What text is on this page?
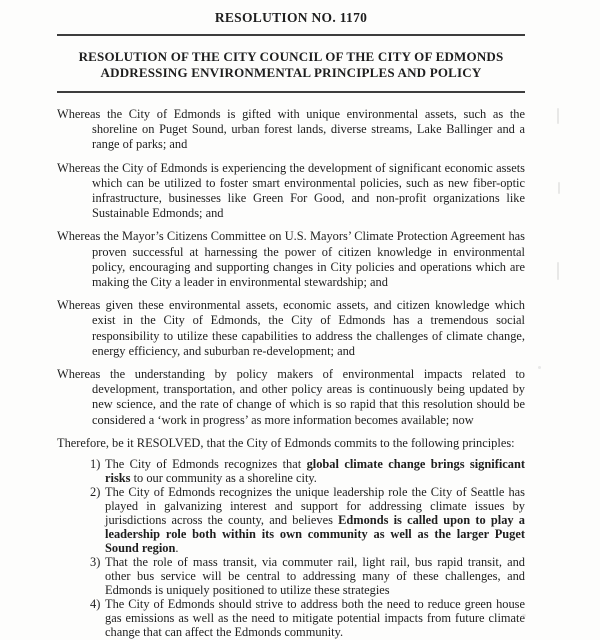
RESOLUTION NO. 1170
RESOLUTION OF THE CITY COUNCIL OF THE CITY OF EDMONDS
ADDRESSING ENVIRONMENTAL PRINCIPLES AND POLICY

Whereas the City of Edmonds is gifted with unique environmental assets, such as the shoreline on Puget Sound, urban forest lands, diverse streams, Lake Ballinger and a range of parks; and

Whereas the City of Edmonds is experiencing the development of significant economic assets which can be utilized to foster smart environmental policies, such as new fiber-optic infrastructure, businesses like Green For Good, and non-profit organizations like Sustainable Edmonds; and

Whereas the Mayor’s Citizens Committee on U.S. Mayors’ Climate Protection Agreement has proven successful at harnessing the power of citizen knowledge in environmental policy, encouraging and supporting changes in City policies and operations which are making the City a leader in environmental stewardship; and

Whereas given these environmental assets, economic assets, and citizen knowledge which exist in the City of Edmonds, the City of Edmonds has a tremendous social responsibility to utilize these capabilities to address the challenges of climate change, energy efficiency, and suburban re-development; and

Whereas the understanding by policy makers of environmental impacts related to development, transportation, and other policy areas is continuously being updated by new science, and the rate of change of which is so rapid that this resolution should be considered a ‘work in progress’ as more information becomes available; now

Therefore, be it RESOLVED, that the City of Edmonds commits to the following principles:

1) The City of Edmonds recognizes that global climate change brings significant risks to our community as a shoreline city.
2) The City of Edmonds recognizes the unique leadership role the City of Seattle has played in galvanizing interest and support for addressing climate issues by jurisdictions across the county, and believes Edmonds is called upon to play a leadership role both within its own community as well as the larger Puget Sound region.
3) That the role of mass transit, via commuter rail, light rail, bus rapid transit, and other bus service will be central to addressing many of these challenges, and Edmonds is uniquely positioned to utilize these strategies
4) The City of Edmonds should strive to address both the need to reduce green house gas emissions as well as the need to mitigate potential impacts from future climate change that can affect the Edmonds community.
